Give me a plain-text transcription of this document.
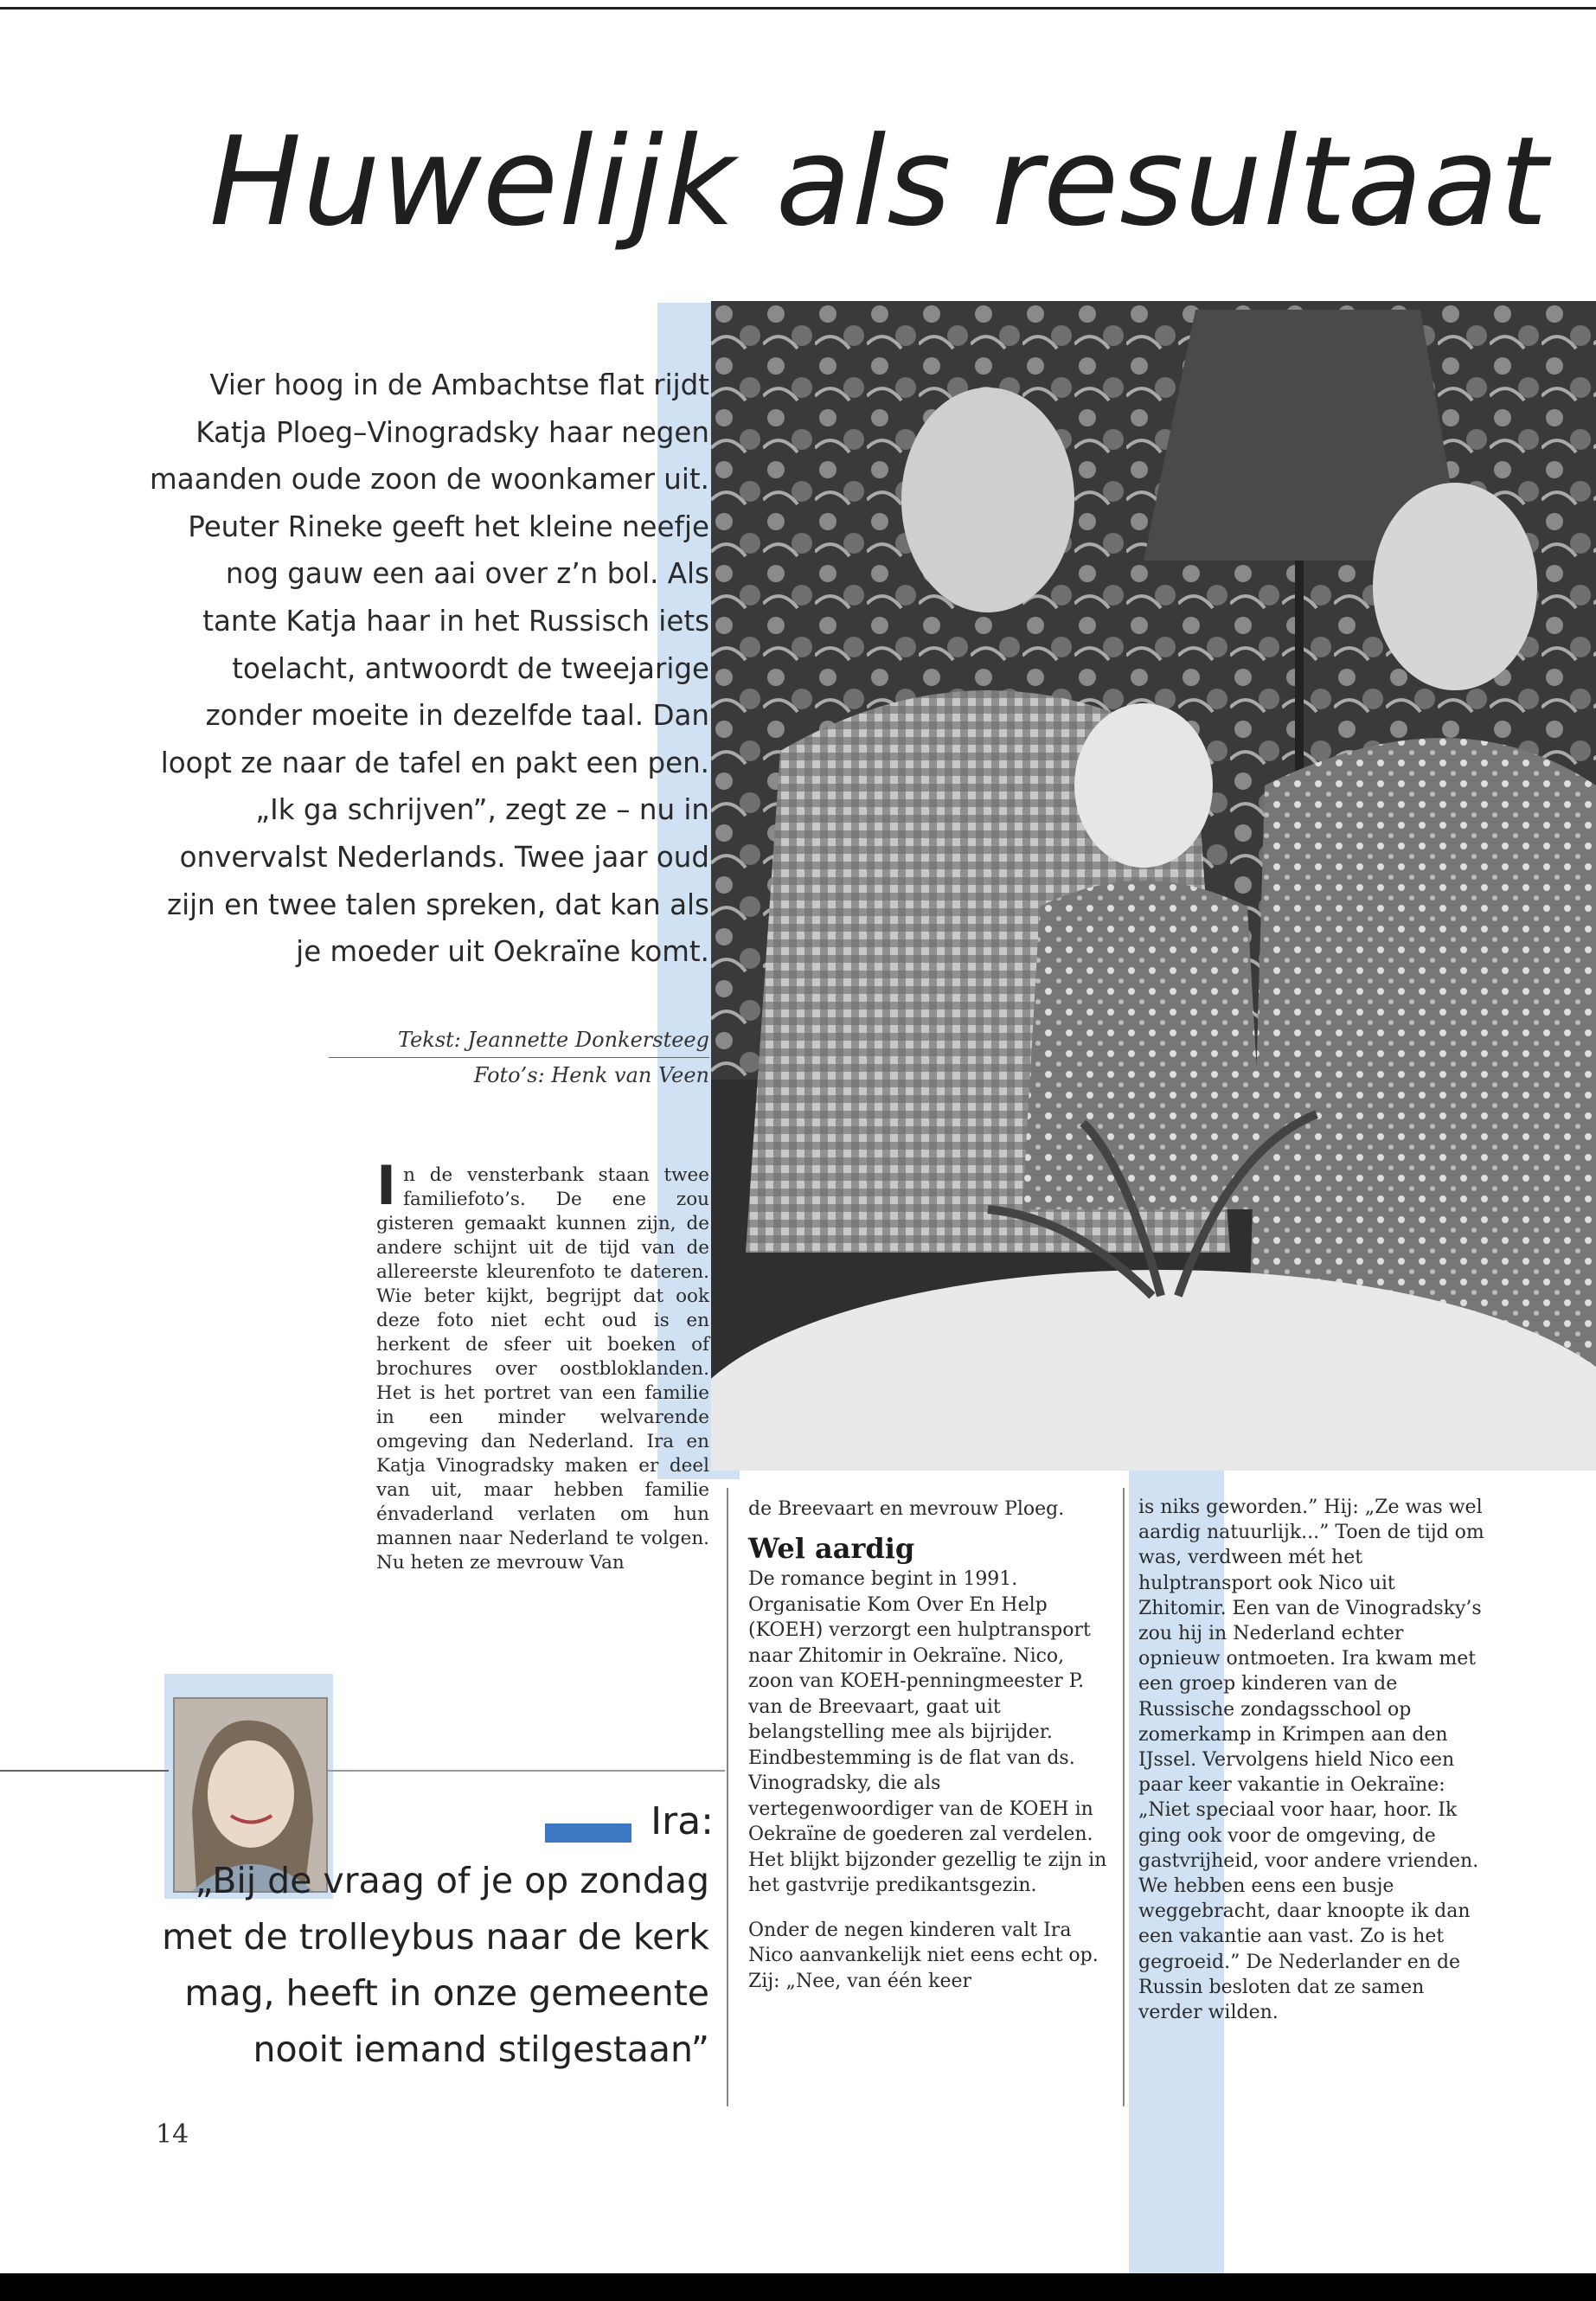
Huwelijk als resultaat

Vier hoog in de Ambachtse flat rijdt Katja Ploeg–Vinogradsky haar negen maanden oude zoon de woonkamer uit. Peuter Rineke geeft het kleine neefje nog gauw een aai over z’n bol. Als tante Katja haar in het Russisch iets toelacht, antwoordt de tweejarige zonder moeite in dezelfde taal. Dan loopt ze naar de tafel en pakt een pen. „Ik ga schrijven”, zegt ze – nu in onvervalst Nederlands. Twee jaar oud zijn en twee talen spreken, dat kan als je moeder uit Oekraïne komt.

Tekst: Jeannette Donkersteeg
Foto’s: Henk van Veen
In de vensterbank staan twee familiefoto’s. De ene zou gisteren gemaakt kunnen zijn, de andere schijnt uit de tijd van de allereerste kleurenfoto te dateren. Wie beter kijkt, begrijpt dat ook deze foto niet echt oud is en herkent de sfeer uit boeken of brochures over oostbloklanden. Het is het portret van een familie in een minder welvarende omgeving dan Nederland. Ira en Katja Vinogradsky maken er deel van uit, maar hebben familie énvaderland verlaten om hun mannen naar Nederland te volgen. Nu heten ze mevrouw Van

de Breevaart en mevrouw Ploeg.

Wel aardig

De romance begint in 1991. Organisatie Kom Over En Help (KOEH) verzorgt een hulptransport naar Zhitomir in Oekraïne. Nico, zoon van KOEH-penningmeester P. van de Breevaart, gaat uit belangstelling mee als bijrijder. Eindbestemming is de flat van ds. Vinogradsky, die als vertegenwoordiger van de KOEH in Oekraïne de goederen zal verdelen. Het blijkt bijzonder gezellig te zijn in het gastvrije predikantsgezin.

Onder de negen kinderen valt Ira Nico aanvankelijk niet eens echt op. Zij: „Nee, van één keer

is niks geworden.” Hij: „Ze was wel aardig natuurlijk...” Toen de tijd om was, verdween mét het hulptransport ook Nico uit Zhitomir. Een van de Vinogradsky’s zou hij in Nederland echter opnieuw ontmoeten. Ira kwam met een groep kinderen van de Russische zondagsschool op zomerkamp in Krimpen aan den IJssel. Vervolgens hield Nico een paar keer vakantie in Oekraïne: „Niet speciaal voor haar, hoor. Ik ging ook voor de omgeving, de gastvrijheid, voor andere vrienden. We hebben eens een busje weggebracht, daar knoopte ik dan een vakantie aan vast. Zo is het gegroeid.” De Nederlander en de Russin besloten dat ze samen verder wilden.

Ira:
„Bij de vraag of je op zondag met de trolleybus naar de kerk mag, heeft in onze gemeente nooit iemand stilgestaan”
14
